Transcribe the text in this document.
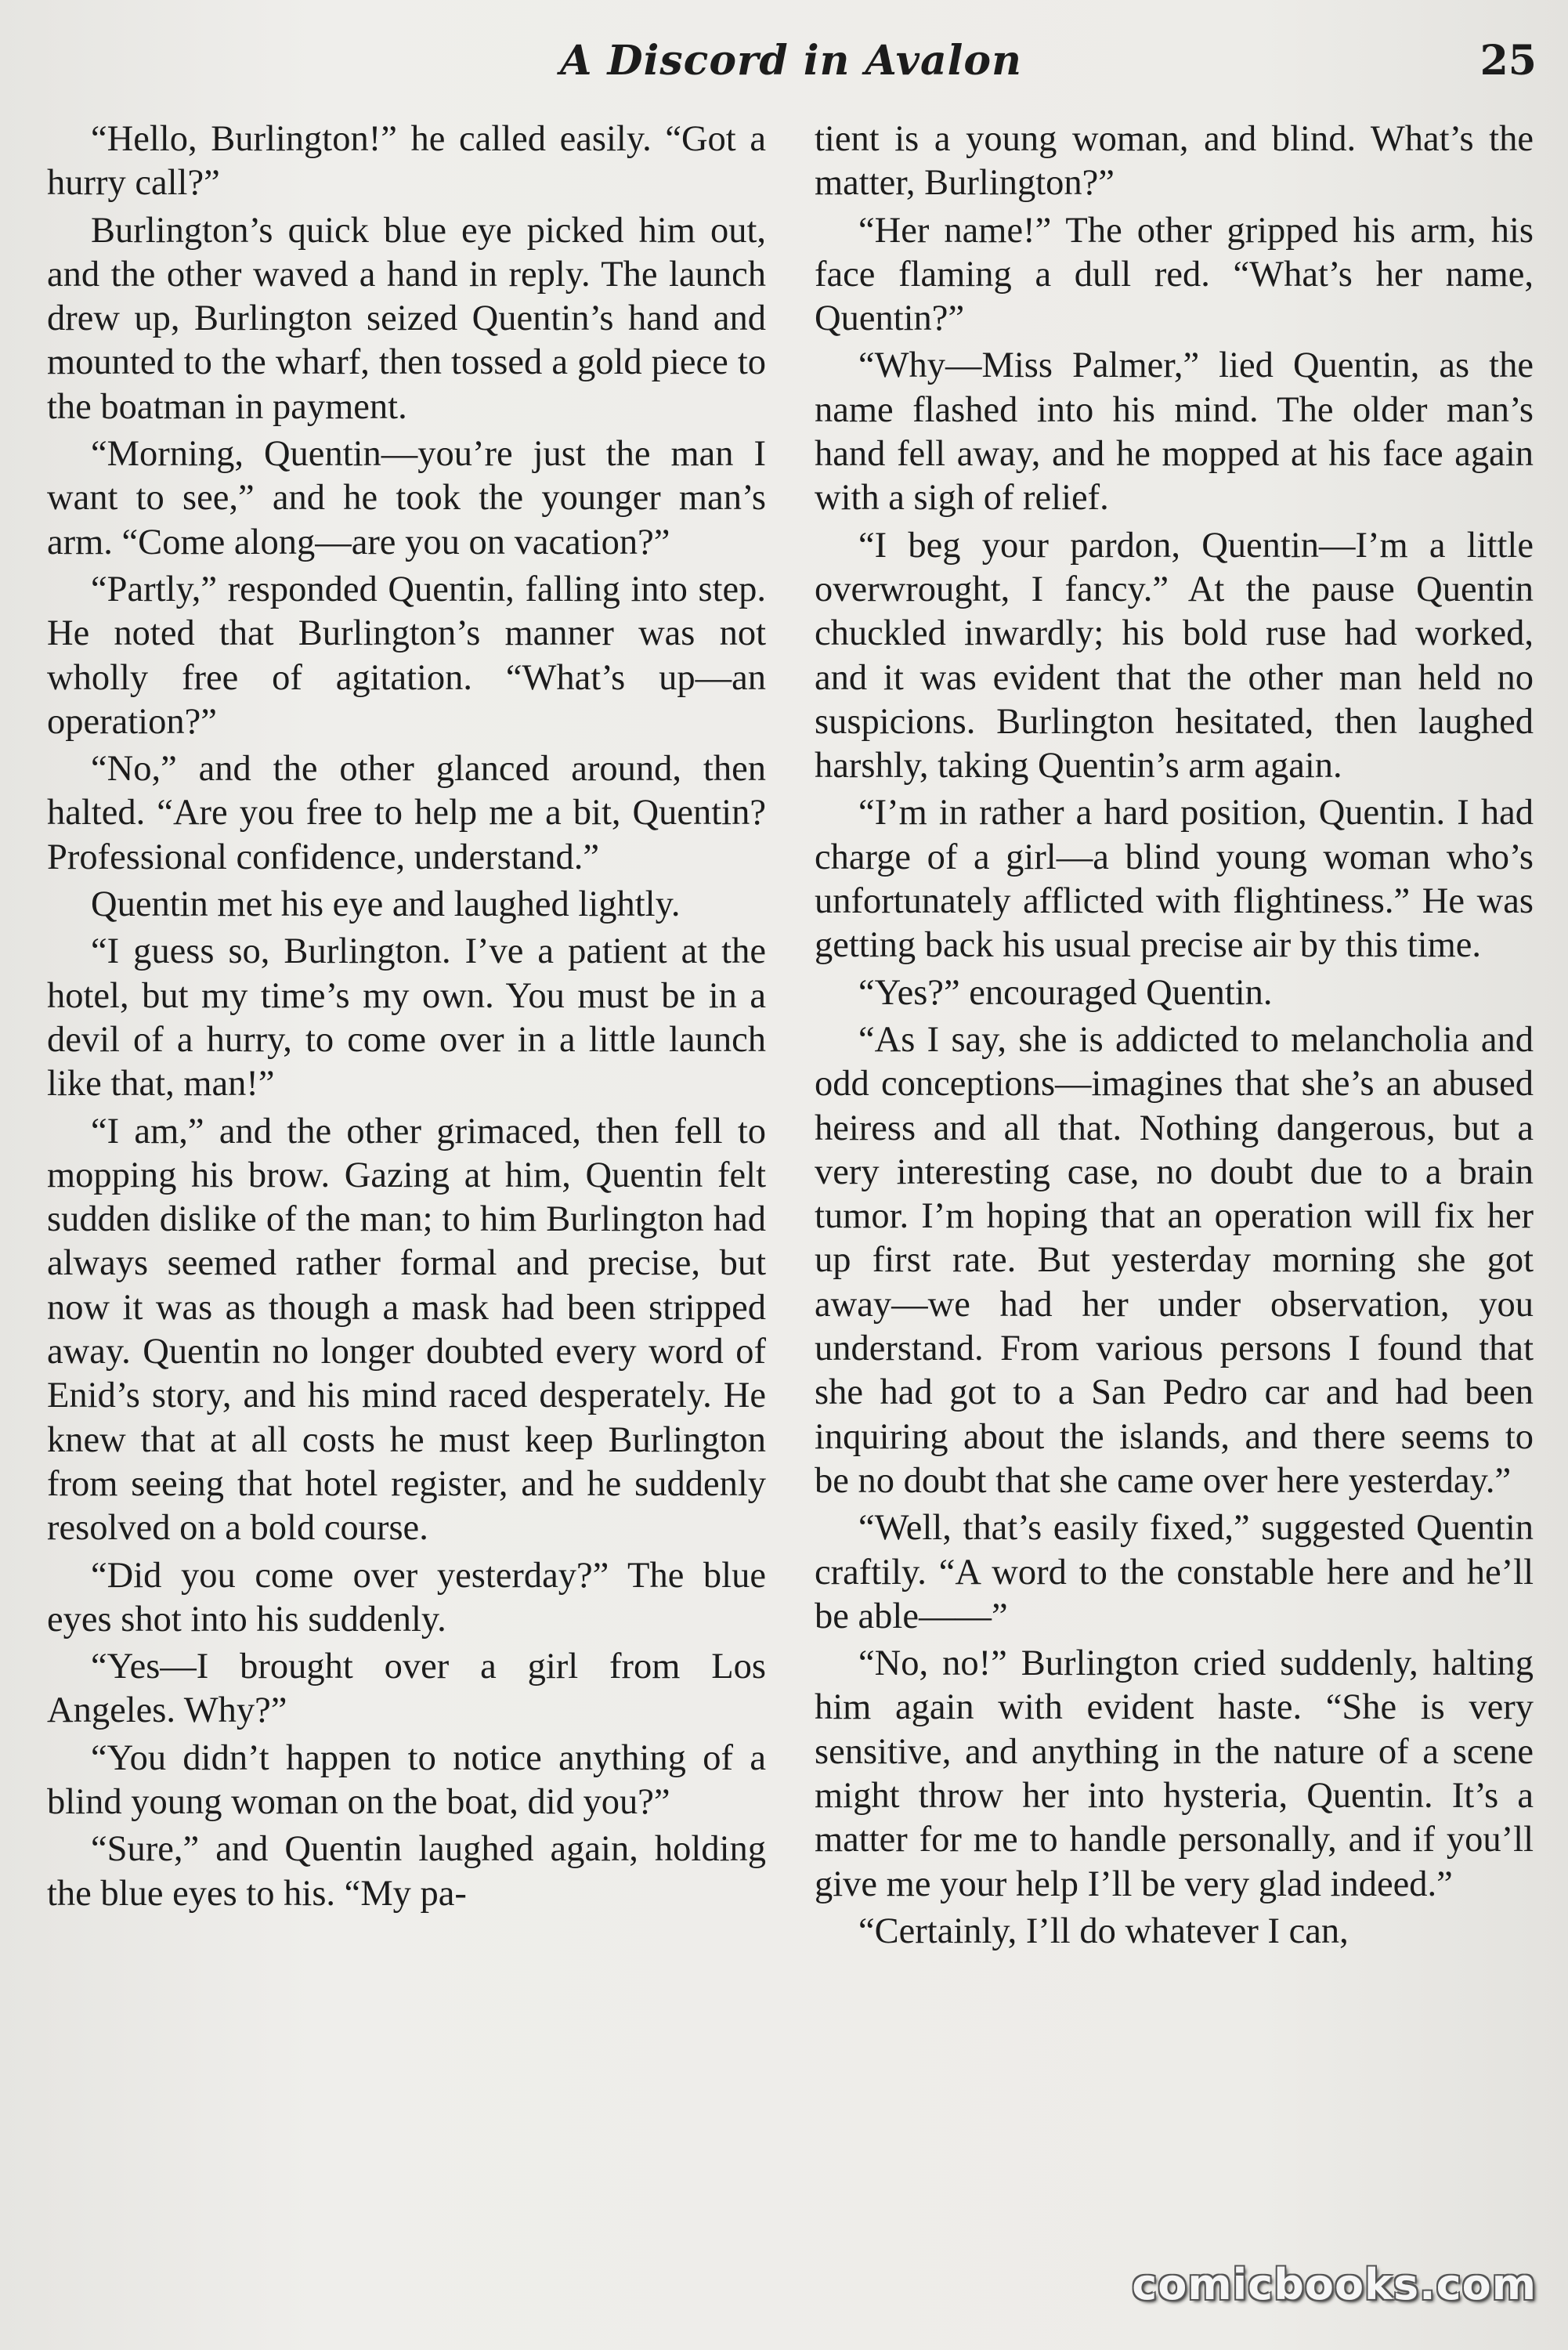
A Discord in Avalon	25

“Hello, Burlington!” he called easily. “Got a hurry call?”

Burlington’s quick blue eye picked him out, and the other waved a hand in reply. The launch drew up, Burlington seized Quentin’s hand and mounted to the wharf, then tossed a gold piece to the boatman in payment.

“Morning, Quentin—you’re just the man I want to see,” and he took the younger man’s arm. “Come along—are you on vacation?”

“Partly,” responded Quentin, falling into step. He noted that Burlington’s manner was not wholly free of agitation. “What’s up—an operation?”

“No,” and the other glanced around, then halted. “Are you free to help me a bit, Quentin? Professional confidence, understand.”

Quentin met his eye and laughed lightly.

“I guess so, Burlington. I’ve a patient at the hotel, but my time’s my own. You must be in a devil of a hurry, to come over in a little launch like that, man!”

“I am,” and the other grimaced, then fell to mopping his brow. Gazing at him, Quentin felt sudden dislike of the man; to him Burlington had always seemed rather formal and precise, but now it was as though a mask had been stripped away. Quentin no longer doubted every word of Enid’s story, and his mind raced desperately. He knew that at all costs he must keep Burlington from seeing that hotel register, and he suddenly resolved on a bold course.

“Did you come over yesterday?” The blue eyes shot into his suddenly.

“Yes—I brought over a girl from Los Angeles. Why?”

“You didn’t happen to notice anything of a blind young woman on the boat, did you?”

“Sure,” and Quentin laughed again, holding the blue eyes to his. “My pa-

tient is a young woman, and blind. What’s the matter, Burlington?”

“Her name!” The other gripped his arm, his face flaming a dull red. “What’s her name, Quentin?”

“Why—Miss Palmer,” lied Quentin, as the name flashed into his mind. The older man’s hand fell away, and he mopped at his face again with a sigh of relief.

“I beg your pardon, Quentin—I’m a little overwrought, I fancy.” At the pause Quentin chuckled inwardly; his bold ruse had worked, and it was evident that the other man held no suspicions. Burlington hesitated, then laughed harshly, taking Quentin’s arm again.

“I’m in rather a hard position, Quentin. I had charge of a girl—a blind young woman who’s unfortunately afflicted with flightiness.” He was getting back his usual precise air by this time.

“Yes?” encouraged Quentin.

“As I say, she is addicted to melancholia and odd conceptions—imagines that she’s an abused heiress and all that. Nothing dangerous, but a very interesting case, no doubt due to a brain tumor. I’m hoping that an operation will fix her up first rate. But yesterday morning she got away—we had her under observation, you understand. From various persons I found that she had got to a San Pedro car and had been inquiring about the islands, and there seems to be no doubt that she came over here yesterday.”

“Well, that’s easily fixed,” suggested Quentin craftily. “A word to the constable here and he’ll be able——”

“No, no!” Burlington cried suddenly, halting him again with evident haste. “She is very sensitive, and anything in the nature of a scene might throw her into hysteria, Quentin. It’s a matter for me to handle personally, and if you’ll give me your help I’ll be very glad indeed.”

“Certainly, I’ll do whatever I can,

comicbooks.com
